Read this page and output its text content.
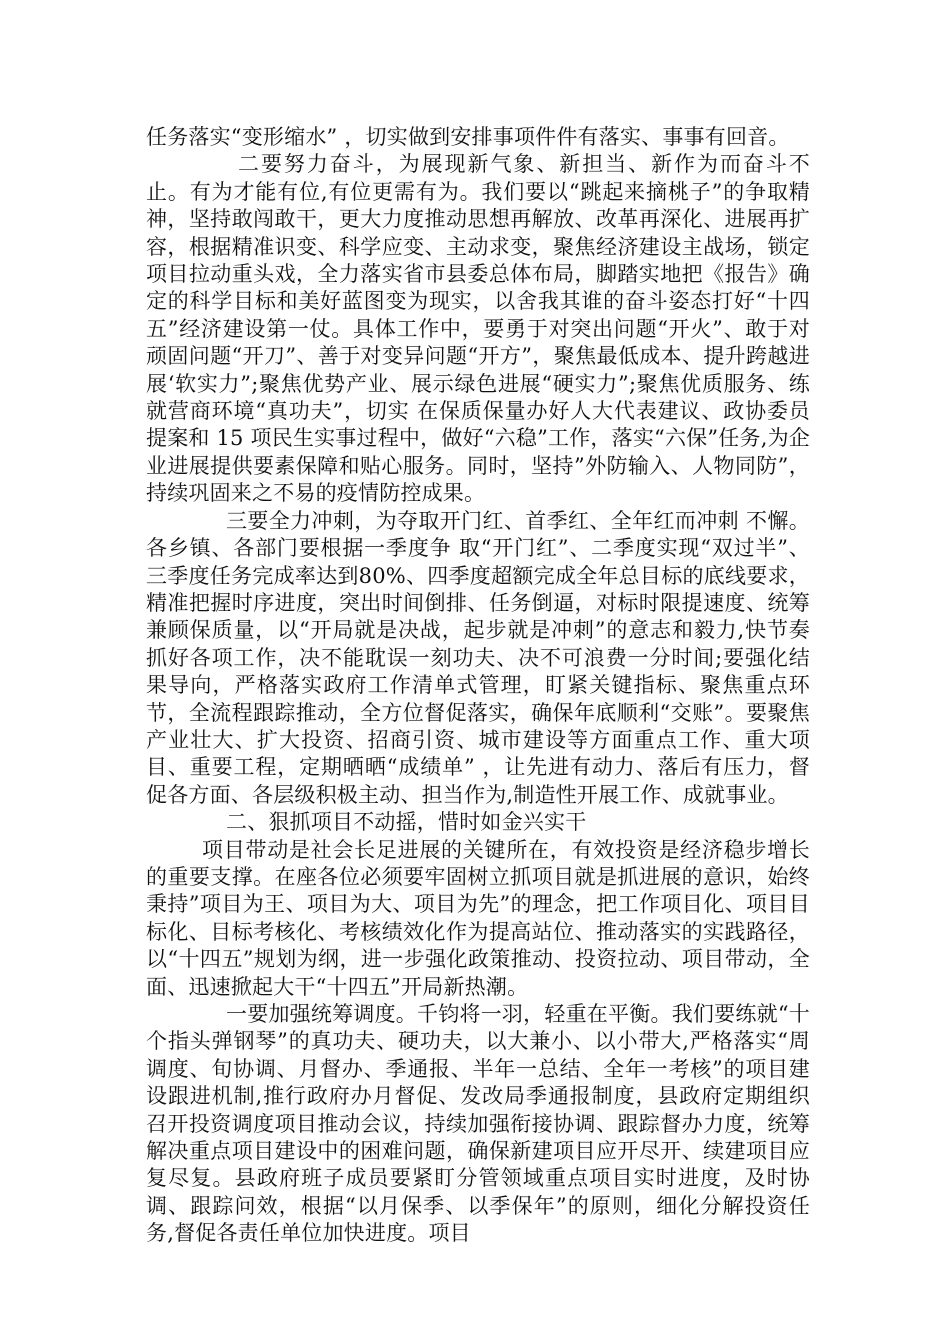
任务落实“变形缩水” ，切实做到安排事项件件有落实、事事有回音。

二要努力奋斗，为展现新气象、新担当、新作为而奋斗不止。有为才能有位,有位更需有为。我们要以“跳起来摘桃子”的争取精神，坚持敢闯敢干，更大力度推动思想再解放、改革再深化、进展再扩容，根据精准识变、科学应变、主动求变，聚焦经济建设主战场，锁定项目拉动重头戏，全力落实省市县委总体布局，脚踏实地把《报告》确定的科学目标和美好蓝图变为现实，以舍我其谁的奋斗姿态打好“十四五”经济建设第一仗。具体工作中，要勇于对突出问题“开火”、敢于对顽固问题“开刀”、善于对变异问题“开方”，聚焦最低成本、提升跨越进展‘软实力”;聚焦优势产业、展示绿色进展“硬实力”;聚焦优质服务、练就营商环境“真功夫”，切实 在保质保量办好人大代表建议、政协委员提案和 15 项民生实事过程中，做好“六稳”工作，落实“六保”任务,为企业进展提供要素保障和贴心服务。同时，坚持”外防输入、人物同防”，持续巩固来之不易的疫情防控成果。

三要全力冲刺，为夺取开门红、首季红、全年红而冲刺 不懈。各乡镇、各部门要根据一季度争 取“开门红”、二季度实现“双过半”、三季度任务完成率达到80%、四季度超额完成全年总目标的底线要求，精准把握时序进度，突出时间倒排、任务倒逼，对标时限提速度、统筹兼顾保质量，以“开局就是决战，起步就是冲刺”的意志和毅力,快节奏抓好各项工作，决不能耽误一刻功夫、决不可浪费一分时间;要强化结果导向，严格落实政府工作清单式管理，盯紧关键指标、聚焦重点环节，全流程跟踪推动，全方位督促落实，确保年底顺利“交账”。要聚焦产业壮大、扩大投资、招商引资、城市建设等方面重点工作、重大项目、重要工程，定期晒晒“成绩单” ，让先进有动力、落后有压力，督促各方面、各层级积极主动、担当作为,制造性开展工作、成就事业。

二、狠抓项目不动摇，惜时如金兴实干

项目带动是社会长足进展的关键所在，有效投资是经济稳步增长的重要支撑。在座各位必须要牢固树立抓项目就是抓进展的意识，始终秉持”项目为王、项目为大、项目为先”的理念，把工作项目化、项目目标化、目标考核化、考核绩效化作为提高站位、推动落实的实践路径，以“十四五”规划为纲，进一步强化政策推动、投资拉动、项目带动，全面、迅速掀起大干“十四五”开局新热潮。

一要加强统筹调度。千钧将一羽，轻重在平衡。我们要练就“十个指头弹钢琴”的真功夫、硬功夫，以大兼小、以小带大,严格落实“周调度、旬协调、月督办、季通报、半年一总结、全年一考核”的项目建设跟进机制,推行政府办月督促、发改局季通报制度，县政府定期组织召开投资调度项目推动会议，持续加强衔接协调、跟踪督办力度，统筹解决重点项目建设中的困难问题，确保新建项目应开尽开、续建项目应复尽复。县政府班子成员要紧盯分管领域重点项目实时进度，及时协调、跟踪问效，根据“以月保季、以季保年”的原则，细化分解投资任务,督促各责任单位加快进度。项目
